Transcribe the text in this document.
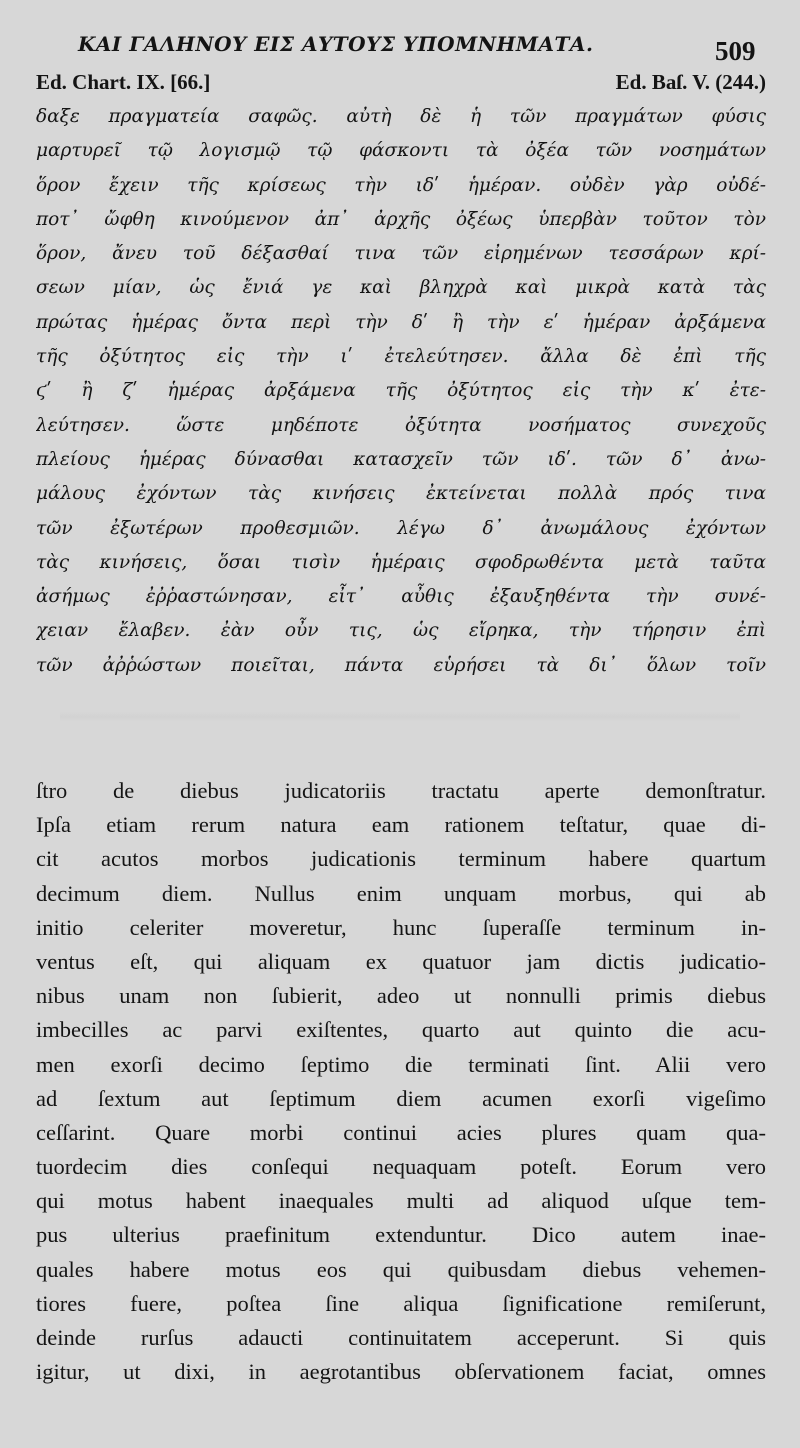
ΚΑΙ ΓΑΛΗΝΟΥ ΕΙΣ ΑΥΤΟΥΣ ΥΠΟΜΝΗΜΑΤΑ.	509
Ed. Chart. IX. [66.]	Ed. Baſ. V. (244.)
δαξε πραγματεία σαφῶς. αὐτὴ δὲ ἡ τῶν πραγμάτων φύσις
μαρτυρεῖ τῷ λογισμῷ τῷ φάσκοντι τὰ ὀξέα τῶν νοσημάτων
ὅρον ἔχειν τῆς κρίσεως τὴν ιδʹ ἡμέραν. οὐδὲν γὰρ οὐδέ-
ποτ᾽ ὤφθη κινούμενον ἀπ᾽ ἀρχῆς ὀξέως ὑπερβὰν τοῦτον τὸν
ὅρον, ἄνευ τοῦ δέξασθαί τινα τῶν εἰρημένων τεσσάρων κρί-
σεων μίαν, ὡς ἔνιά γε καὶ βληχρὰ καὶ μικρὰ κατὰ τὰς
πρώτας ἡμέρας ὄντα περὶ τὴν δʹ ἢ τὴν εʹ ἡμέραν ἀρξάμενα
τῆς ὀξύτητος εἰς τὴν ιʹ ἐτελεύτησεν. ἄλλα δὲ ἐπὶ τῆς
ϛʹ ἢ ζʹ ἡμέρας ἀρξάμενα τῆς ὀξύτητος εἰς τὴν κʹ ἐτε-
λεύτησεν. ὥστε μηδέποτε ὀξύτητα νοσήματος συνεχοῦς
πλείους ἡμέρας δύνασθαι κατασχεῖν τῶν ιδʹ. τῶν δ᾽ ἀνω-
μάλους ἐχόντων τὰς κινήσεις ἐκτείνεται πολλὰ πρός τινα
τῶν ἐξωτέρων προθεσμιῶν. λέγω δ᾽ ἀνωμάλους ἐχόντων
τὰς κινήσεις, ὅσαι τισὶν ἡμέραις σφοδρωθέντα μετὰ ταῦτα
ἀσήμως ἐῤῥαστώνησαν, εἶτ᾽ αὖθις ἐξαυξηθέντα τὴν συνέ-
χειαν ἔλαβεν. ἐὰν οὖν τις, ὡς εἴρηκα, τὴν τήρησιν ἐπὶ
τῶν ἀῤῥώστων ποιεῖται, πάντα εὑρήσει τὰ δι᾽ ὅλων τοῖν
ſtro de diebus judicatoriis tractatu aperte demonſtratur.
Ipſa etiam rerum natura eam rationem teſtatur, quae di-
cit acutos morbos judicationis terminum habere quartum
decimum diem. Nullus enim unquam morbus, qui ab
initio celeriter moveretur, hunc ſuperaſſe terminum in-
ventus eſt, qui aliquam ex quatuor jam dictis judicatio-
nibus unam non ſubierit, adeo ut nonnulli primis diebus
imbecilles ac parvi exiſtentes, quarto aut quinto die acu-
men exorſi decimo ſeptimo die terminati ſint. Alii vero
ad ſextum aut ſeptimum diem acumen exorſi vigeſimo
ceſſarint. Quare morbi continui acies plures quam qua-
tuordecim dies conſequi nequaquam poteſt. Eorum vero
qui motus habent inaequales multi ad aliquod uſque tem-
pus ulterius praefinitum extenduntur. Dico autem inae-
quales habere motus eos qui quibusdam diebus vehemen-
tiores fuere, poſtea ſine aliqua ſignificatione remiſerunt,
deinde rurſus adaucti continuitatem acceperunt. Si quis
igitur, ut dixi, in aegrotantibus obſervationem faciat, omnes
